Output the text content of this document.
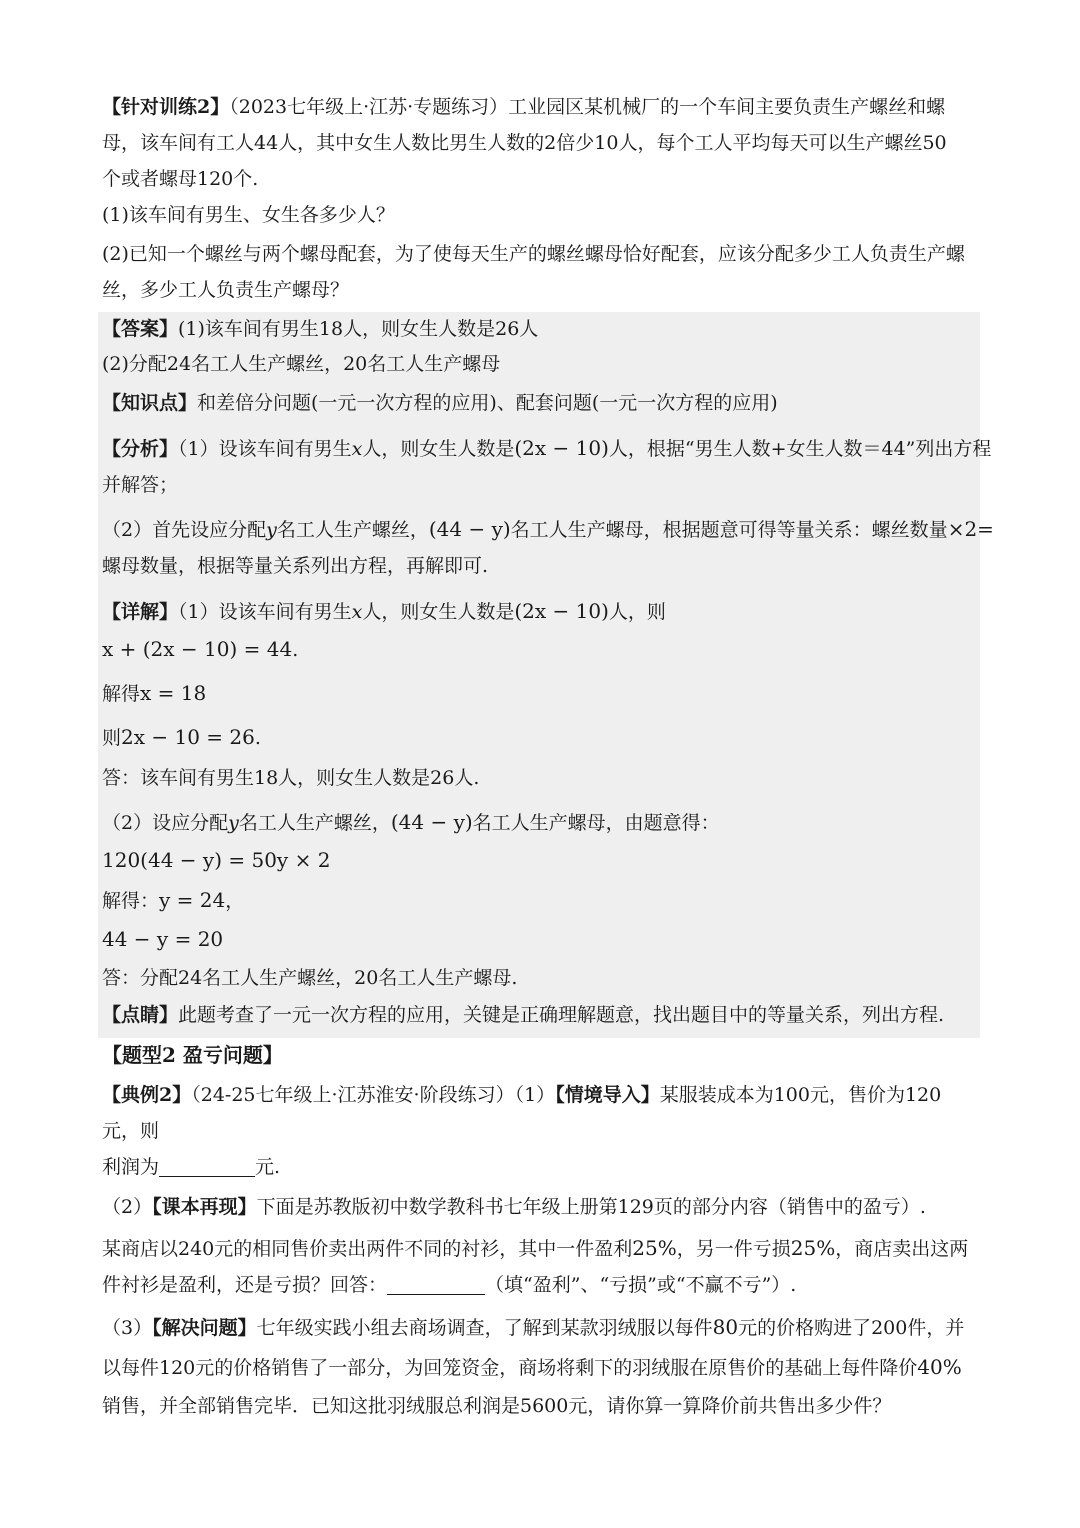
【针对训练2】（2023七年级上·江苏·专题练习）工业园区某机械厂的一个车间主要负责生产螺丝和螺
母，该车间有工人44人，其中女生人数比男生人数的2倍少10人，每个工人平均每天可以生产螺丝50
个或者螺母120个.
(1)该车间有男生、女生各多少人？
(2)已知一个螺丝与两个螺母配套，为了使每天生产的螺丝螺母恰好配套，应该分配多少工人负责生产螺
丝，多少工人负责生产螺母？
【答案】(1)该车间有男生18人，则女生人数是26人
(2)分配24名工人生产螺丝，20名工人生产螺母
【知识点】和差倍分问题(一元一次方程的应用)、配套问题(一元一次方程的应用)
【分析】（1）设该车间有男生x人，则女生人数是(2x − 10)人，根据“男生人数+女生人数＝44”列出方程
并解答；
（2）首先设应分配y名工人生产螺丝，(44 − y)名工人生产螺母，根据题意可得等量关系：螺丝数量×2=
螺母数量，根据等量关系列出方程，再解即可.
【详解】（1）设该车间有男生x人，则女生人数是(2x − 10)人，则
x + (2x − 10) = 44.
解得x = 18
则2x − 10 = 26.
答：该车间有男生18人，则女生人数是26人.
（2）设应分配y名工人生产螺丝，(44 − y)名工人生产螺母，由题意得：
120(44 − y) = 50y × 2
解得：y = 24，
44 − y = 20
答：分配24名工人生产螺丝，20名工人生产螺母.
【点睛】此题考查了一元一次方程的应用，关键是正确理解题意，找出题目中的等量关系，列出方程.
【题型2 盈亏问题】
【典例2】（24-25七年级上·江苏淮安·阶段练习）（1）【情境导入】某服装成本为100元，售价为120
元，则
利润为	元.
（2）【课本再现】下面是苏教版初中数学教科书七年级上册第129页的部分内容（销售中的盈亏）.
某商店以240元的相同售价卖出两件不同的衬衫，其中一件盈利25%，另一件亏损25%，商店卖出这两
件衬衫是盈利，还是亏损？回答：	（填“盈利”、“亏损”或“不赢不亏”）.
（3）【解决问题】七年级实践小组去商场调查，了解到某款羽绒服以每件80元的价格购进了200件，并
以每件120元的价格销售了一部分，为回笼资金，商场将剩下的羽绒服在原售价的基础上每件降价40%
销售，并全部销售完毕．已知这批羽绒服总利润是5600元，请你算一算降价前共售出多少件？
